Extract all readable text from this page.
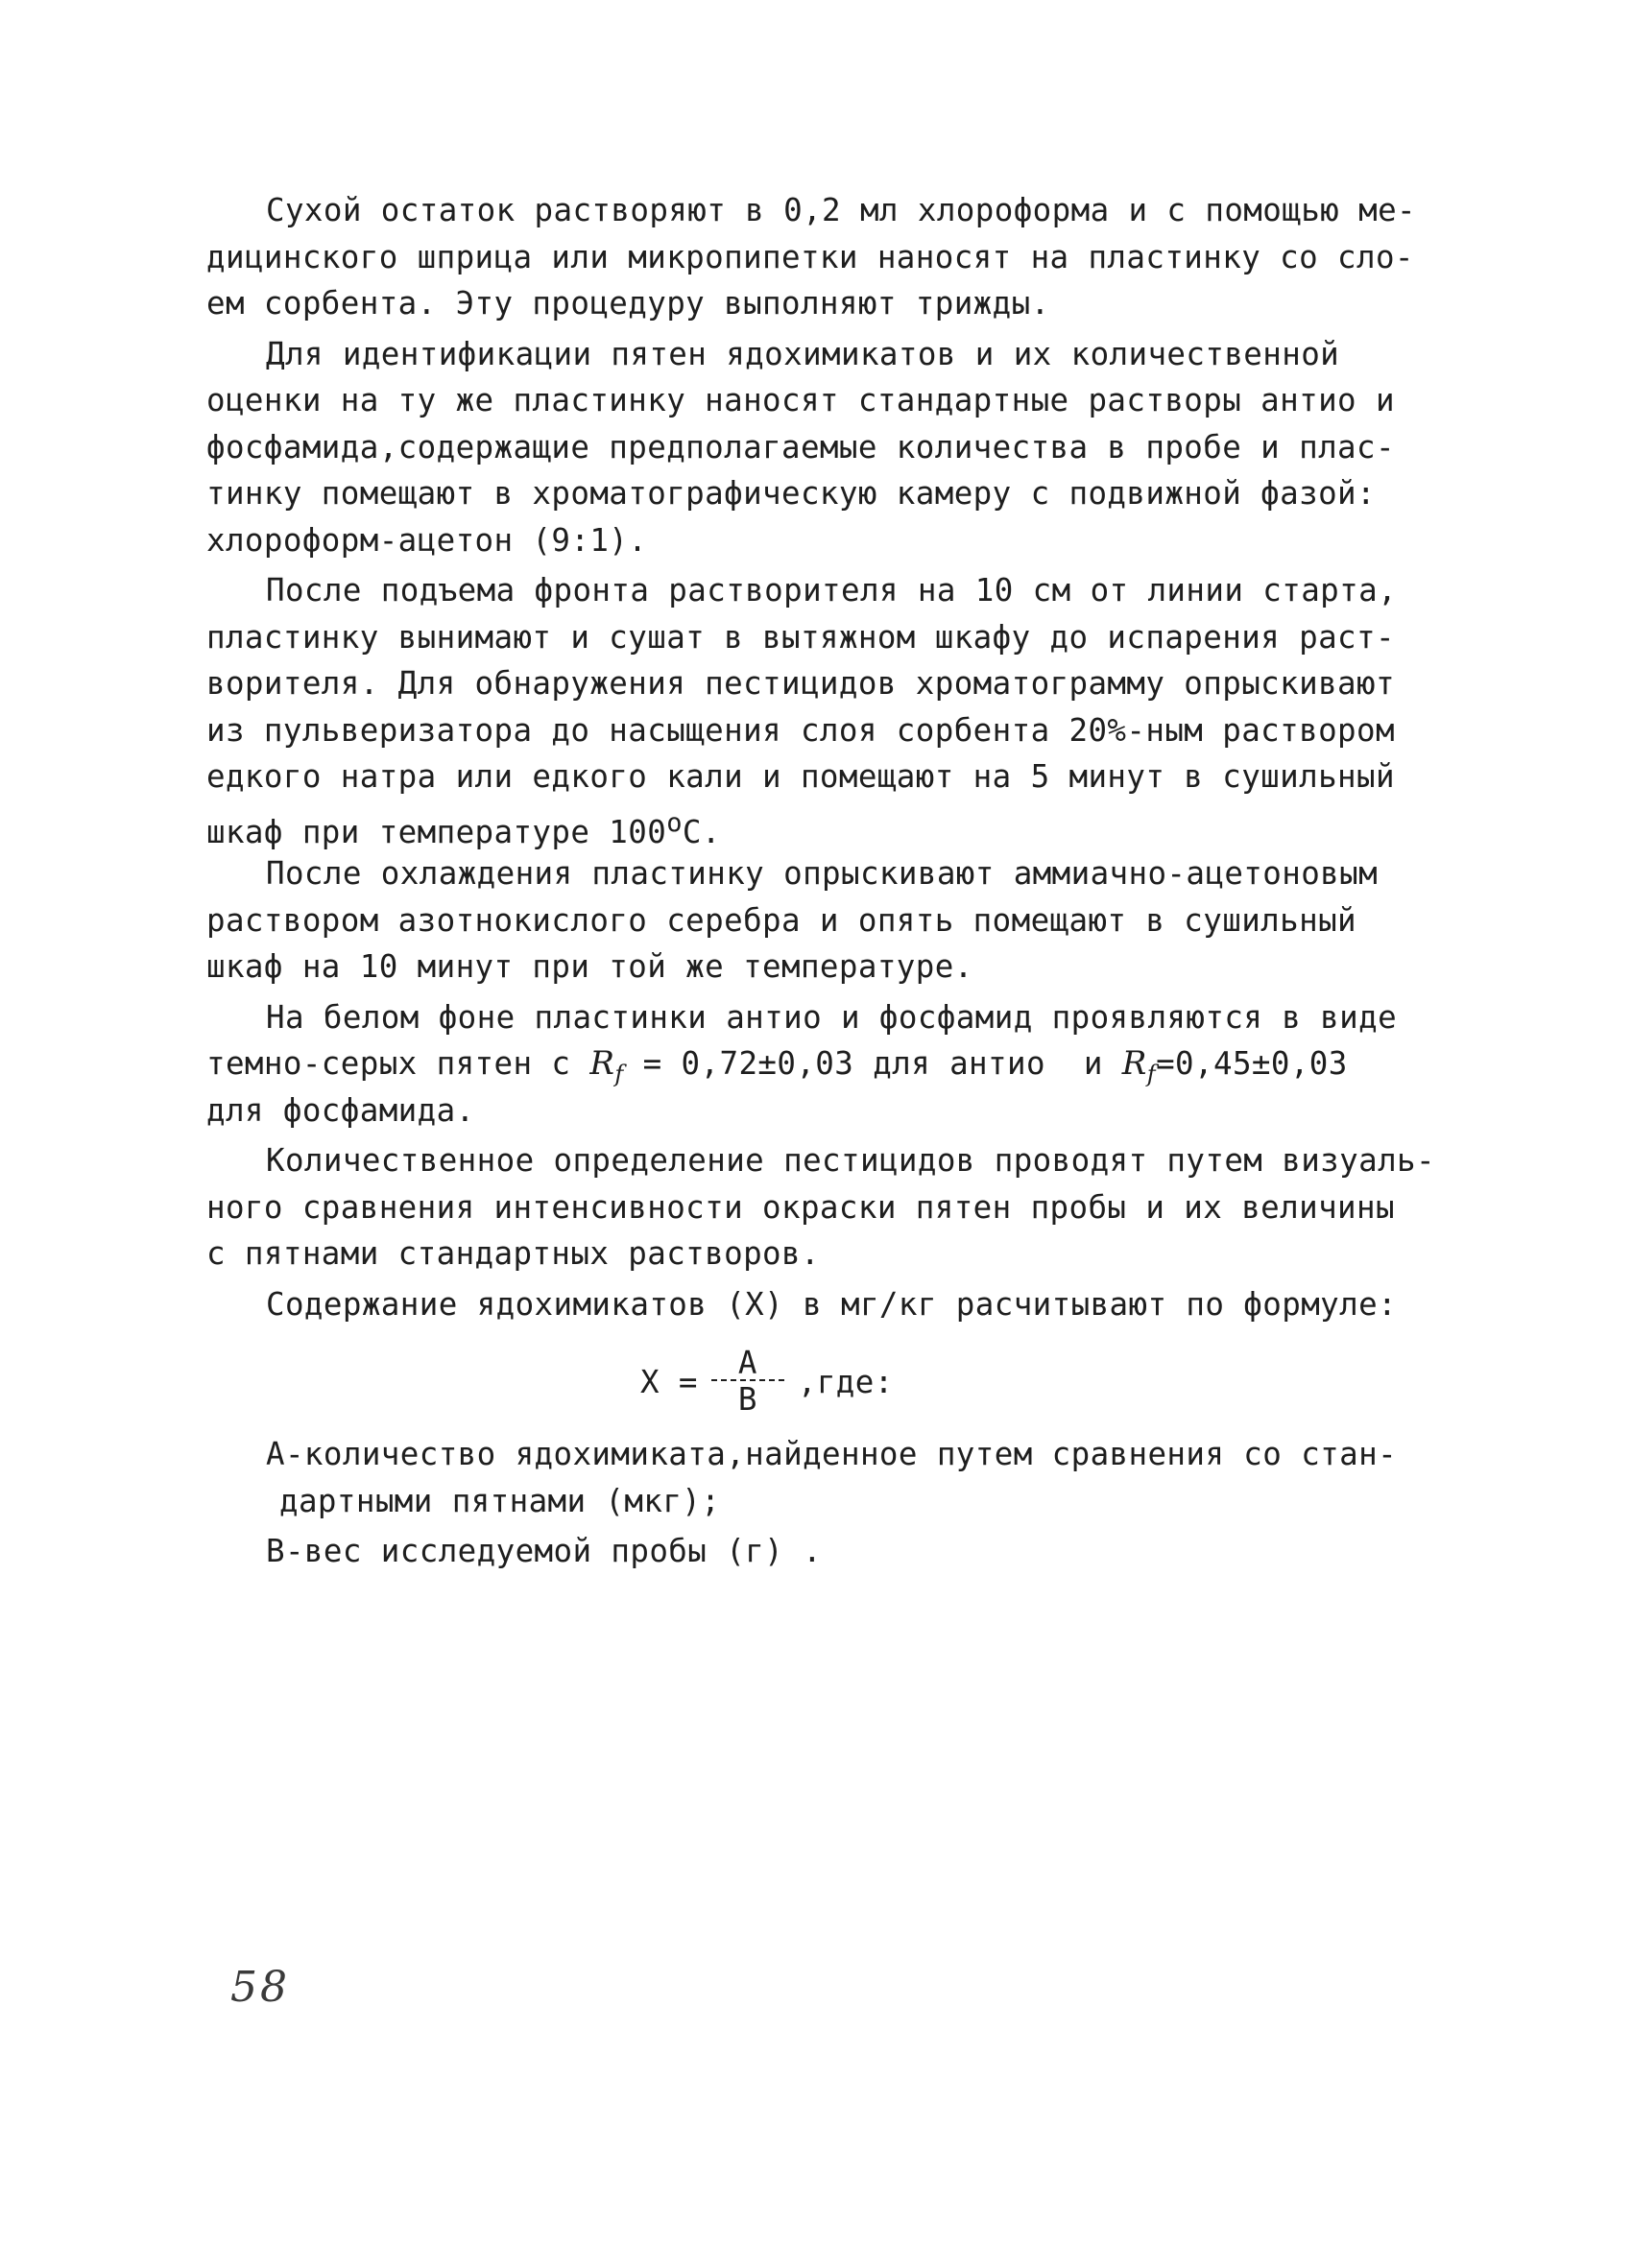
Сухой остаток растворяют в 0,2 мл хлороформа и с помощью ме-
дицинского шприца или микропипетки наносят на пластинку со сло-
ем сорбента. Эту процедуру выполняют трижды.
Для идентификации пятен ядохимикатов и их количественной
оценки на ту же пластинку наносят стандартные растворы антио и
фосфамида,содержащие предполагаемые количества в пробе и плас-
тинку помещают в хроматографическую камеру с подвижной фазой:
хлороформ-ацетон (9:1).
После подъема фронта растворителя на 10 см от линии старта,
пластинку вынимают и сушат в вытяжном шкафу до испарения раст-
ворителя. Для обнаружения пестицидов хроматограмму опрыскивают
из пульверизатора до насыщения слоя сорбента 20%-ным раствором
едкого натра или едкого кали и помещают на 5 минут в сушильный
шкаф при температуре $100^оС$.
После охлаждения пластинку опрыскивают аммиачно-ацетоновым
раствором азотнокислого серебра и опять помещают в сушильный
шкаф на 10 минут при той же температуре.
На белом фоне пластинки антио и фосфамид проявляются в виде
темно-серых пятен с $R_f = 0,72\pm 0,03$ для антио  и $R_f=0,45\pm 0,03$
для фосфамида.
Количественное определение пестицидов проводят путем визуаль-
ного сравнения интенсивности окраски пятен пробы и их величины
с пятнами стандартных растворов.
Содержание ядохимикатов (X) в мг/кг расчитывают по формуле:
$X = \frac{A}{B} ,где$:
А-количество ядохимиката,найденное путем сравнения со стан-
дартными пятнами (мкг);
В-вес исследуемой пробы (г) .
58
